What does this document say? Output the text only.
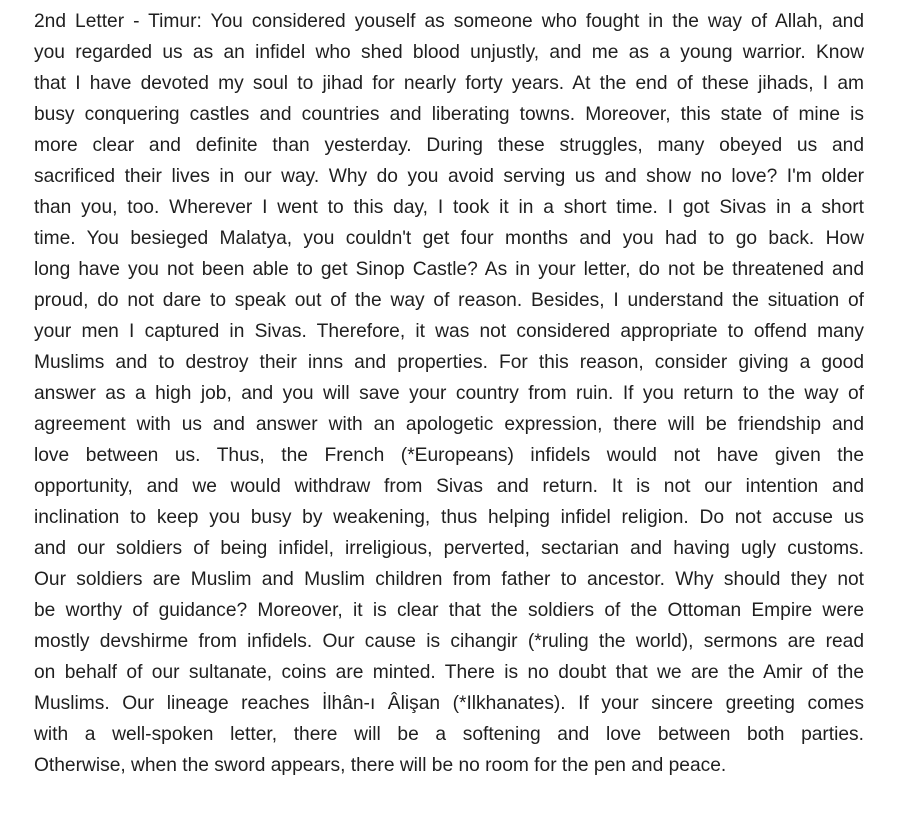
2nd Letter - Timur: You considered youself as someone who fought in the way of Allah, and
you regarded us as an infidel who shed blood unjustly, and me as a young warrior. Know
that I have devoted my soul to jihad for nearly forty years. At the end of these jihads, I am
busy conquering castles and countries and liberating towns. Moreover, this state of mine is
more clear and definite than yesterday. During these struggles, many obeyed us and
sacrificed their lives in our way. Why do you avoid serving us and show no love? I'm older
than you, too. Wherever I went to this day, I took it in a short time. I got Sivas in a short
time. You besieged Malatya, you couldn't get four months and you had to go back. How
long have you not been able to get Sinop Castle? As in your letter, do not be threatened and
proud, do not dare to speak out of the way of reason. Besides, I understand the situation of
your men I captured in Sivas. Therefore, it was not considered appropriate to offend many
Muslims and to destroy their inns and properties. For this reason, consider giving a good
answer as a high job, and you will save your country from ruin. If you return to the way of
agreement with us and answer with an apologetic expression, there will be friendship and
love between us. Thus, the French (*Europeans) infidels would not have given the
opportunity, and we would withdraw from Sivas and return. It is not our intention and
inclination to keep you busy by weakening, thus helping infidel religion. Do not accuse us
and our soldiers of being infidel, irreligious, perverted, sectarian and having ugly customs.
Our soldiers are Muslim and Muslim children from father to ancestor. Why should they not
be worthy of guidance? Moreover, it is clear that the soldiers of the Ottoman Empire were
mostly devshirme from infidels. Our cause is cihangir (*ruling the world), sermons are read
on behalf of our sultanate, coins are minted. There is no doubt that we are the Amir of the
Muslims. Our lineage reaches İlhân-ı Âlişan (*Ilkhanates). If your sincere greeting comes
with a well-spoken letter, there will be a softening and love between both parties.
Otherwise, when the sword appears, there will be no room for the pen and peace.
